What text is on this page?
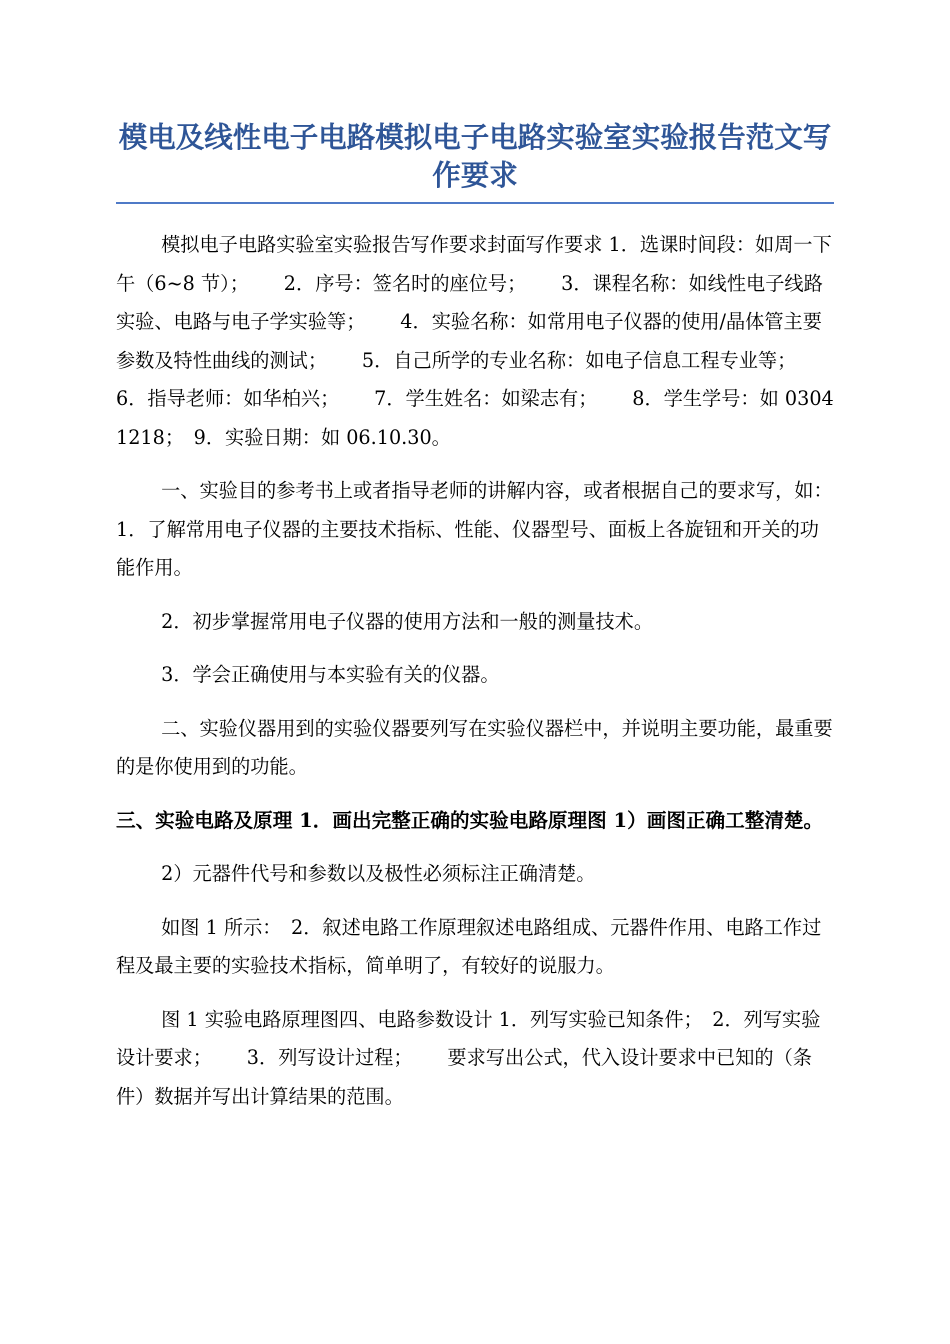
模电及线性电子电路模拟电子电路实验室实验报告范文写作要求

模拟电子电路实验室实验报告写作要求封面写作要求 1．选课时间段：如周一下午（6~8 节）；　　 2．序号：签名时的座位号；　　 3．课程名称：如线性电子线路实验、电路与电子学实验等；　　 4．实验名称：如常用电子仪器的使用/晶体管主要参数及特性曲线的测试；　　 5．自己所学的专业名称：如电子信息工程专业等；　　 6．指导老师：如华柏兴；　　 7．学生姓名：如梁志有；　　 8．学生学号：如 03041218；　9．实验日期：如 06.10.30。

一、实验目的参考书上或者指导老师的讲解内容，或者根据自己的要求写，如：　1．了解常用电子仪器的主要技术指标、性能、仪器型号、面板上各旋钮和开关的功能作用。

2．初步掌握常用电子仪器的使用方法和一般的测量技术。

3．学会正确使用与本实验有关的仪器。

二、实验仪器用到的实验仪器要列写在实验仪器栏中，并说明主要功能，最重要的是你使用到的功能。

三、实验电路及原理 1．画出完整正确的实验电路原理图 1）画图正确工整清楚。

2）元器件代号和参数以及极性必须标注正确清楚。

如图 1 所示：　2．叙述电路工作原理叙述电路组成、元器件作用、电路工作过程及最主要的实验技术指标，简单明了，有较好的说服力。

图 1 实验电路原理图四、电路参数设计 1．列写实验已知条件；　2．列写实验设计要求；　　 3．列写设计过程；　　 要求写出公式，代入设计要求中已知的（条件）数据并写出计算结果的范围。
